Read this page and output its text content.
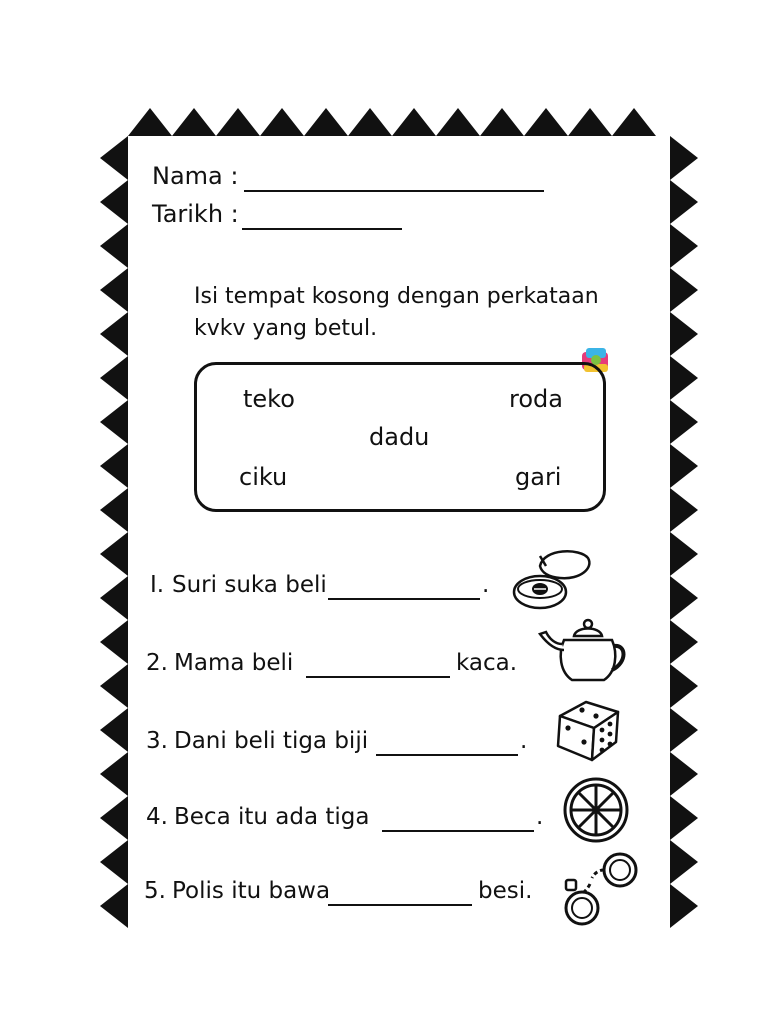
Nama :
Tarikh :
Isi tempat kosong dengan perkataan
kvkv yang betul.
teko	roda
dadu
ciku	gari
I. Suri suka beli	.
2. Mama beli	kaca.
3. Dani beli tiga biji	.
4. Beca itu ada tiga	.
5. Polis itu bawa	besi.
